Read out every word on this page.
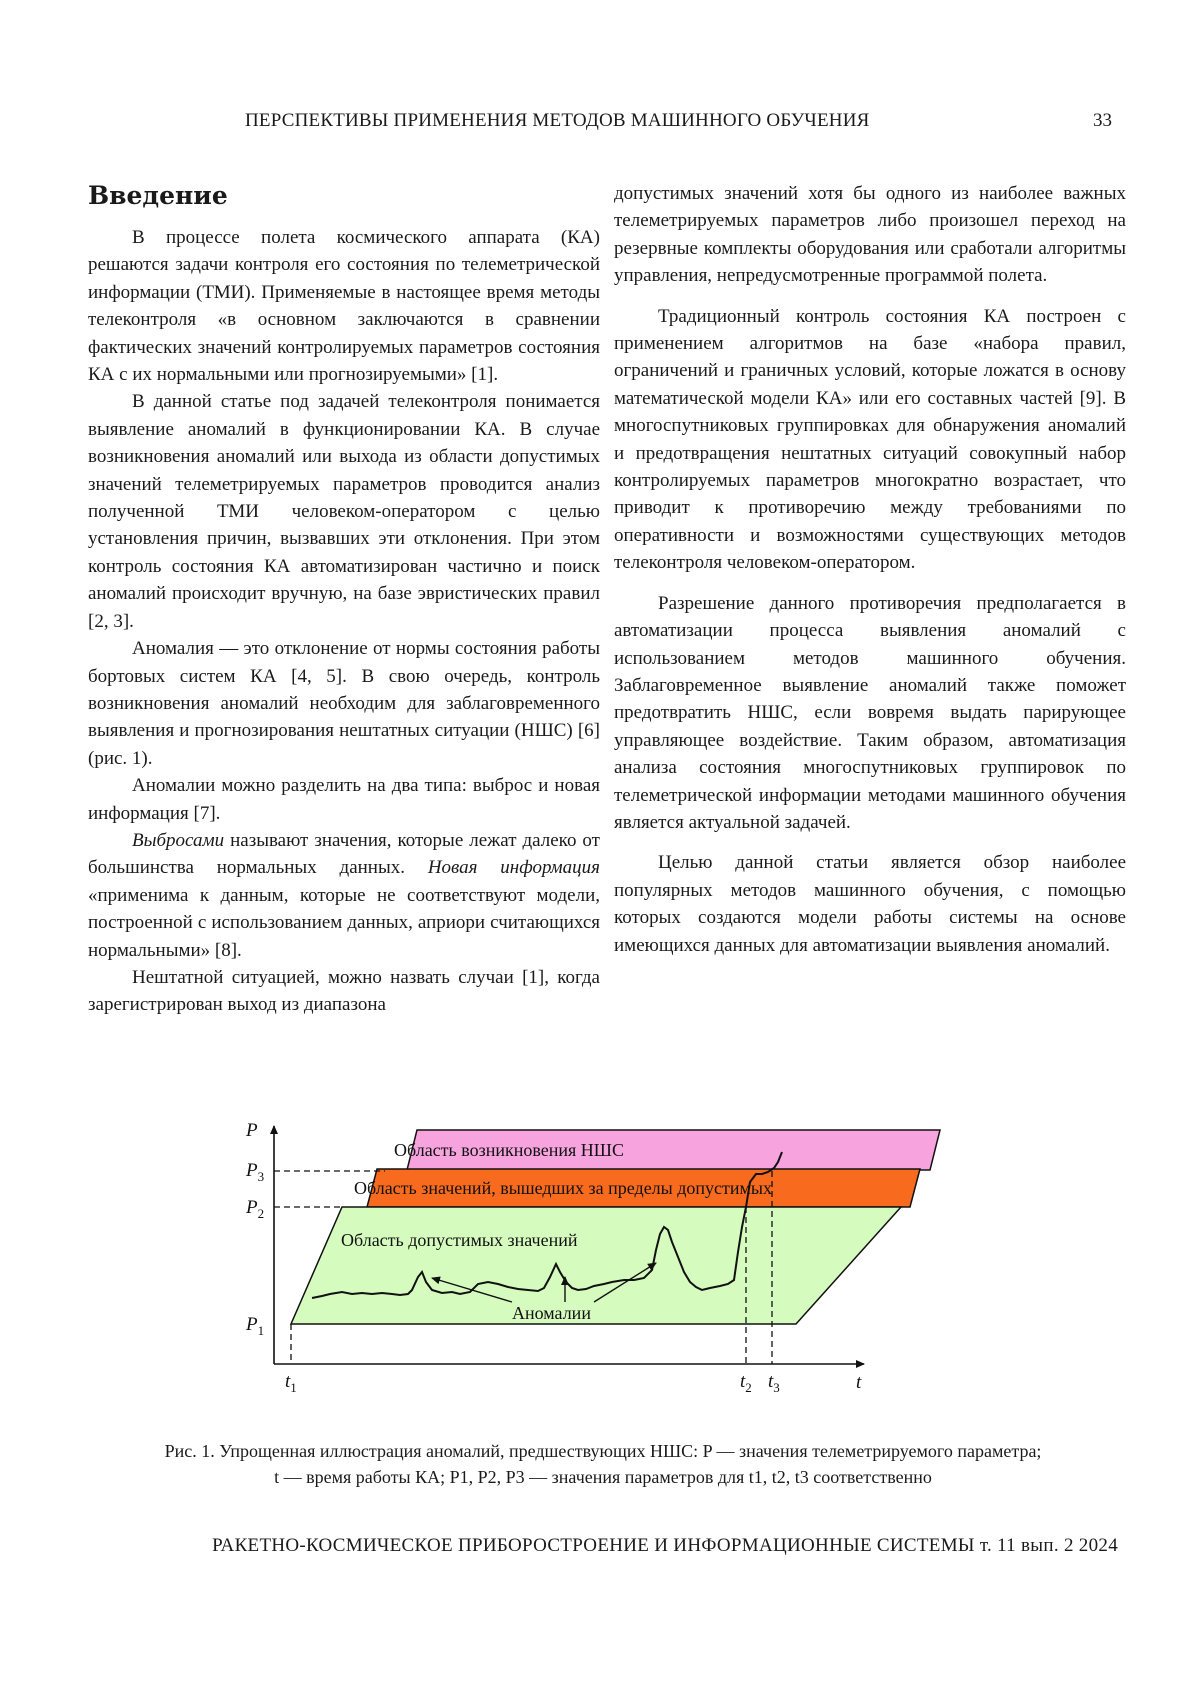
ПЕРСПЕКТИВЫ ПРИМЕНЕНИЯ МЕТОДОВ МАШИННОГО ОБУЧЕНИЯ	33
Введение

В процессе полета космического аппарата (КА) решаются задачи контроля его состояния по телеметрической информации (ТМИ). Применяемые в настоящее время методы телеконтроля «в основном заключаются в сравнении фактических значений контролируемых параметров состояния КА с их нормальными или прогнозируемыми» [1].

В данной статье под задачей телеконтроля понимается выявление аномалий в функционировании КА. В случае возникновения аномалий или выхода из области допустимых значений телеметрируемых параметров проводится анализ полученной ТМИ человеком-оператором с целью установления причин, вызвавших эти отклонения. При этом контроль состояния КА автоматизирован частично и поиск аномалий происходит вручную, на базе эвристических правил [2, 3].

Аномалия — это отклонение от нормы состояния работы бортовых систем КА [4, 5]. В свою очередь, контроль возникновения аномалий необходим для заблаговременного выявления и прогнозирования нештатных ситуации (НШС) [6] (рис. 1).

Аномалии можно разделить на два типа: выброс и новая информация [7].

Выбросами называют значения, которые лежат далеко от большинства нормальных данных. Новая информация «применима к данным, которые не соответствуют модели, построенной с использованием данных, априори считающихся нормальными» [8].

Нештатной ситуацией, можно назвать случаи [1], когда зарегистрирован выход из диапазона

допустимых значений хотя бы одного из наиболее важных телеметрируемых параметров либо произошел переход на резервные комплекты оборудования или сработали алгоритмы управления, непредусмотренные программой полета.

Традиционный контроль состояния КА построен с применением алгоритмов на базе «набора правил, ограничений и граничных условий, которые ложатся в основу математической модели КА» или его составных частей [9]. В многоспутниковых группировках для обнаружения аномалий и предотвращения нештатных ситуаций совокупный набор контролируемых параметров многократно возрастает, что приводит к противоречию между требованиями по оперативности и возможностями существующих методов телеконтроля человеком-оператором.

Разрешение данного противоречия предполагается в автоматизации процесса выявления аномалий с использованием методов машинного обучения. Заблаговременное выявление аномалий также поможет предотвратить НШС, если вовремя выдать парирующее управляющее воздействие. Таким образом, автоматизация анализа состояния многоспутниковых группировок по телеметрической информации методами машинного обучения является актуальной задачей.

Целью данной статьи является обзор наиболее популярных методов машинного обучения, с помощью которых создаются модели работы системы на основе имеющихся данных для автоматизации выявления аномалий.

Область возникновения НШС
Область значений, вышедших за пределы допустимых
Область допустимых значений
Аномалии
P
t
$P_3$
$P_2$
$P_1$
$t_1$	$t_2$ $t_3$
Рис. 1. Упрощенная иллюстрация аномалий, предшествующих НШС: P — значения телеметрируемого параметра;
t — время работы КА; P1, P2, P3 — значения параметров для t1, t2, t3 соответственно
РАКЕТНО-КОСМИЧЕСКОЕ ПРИБОРОСТРОЕНИЕ И ИНФОРМАЦИОННЫЕ СИСТЕМЫ т. 11 вып. 2 2024
